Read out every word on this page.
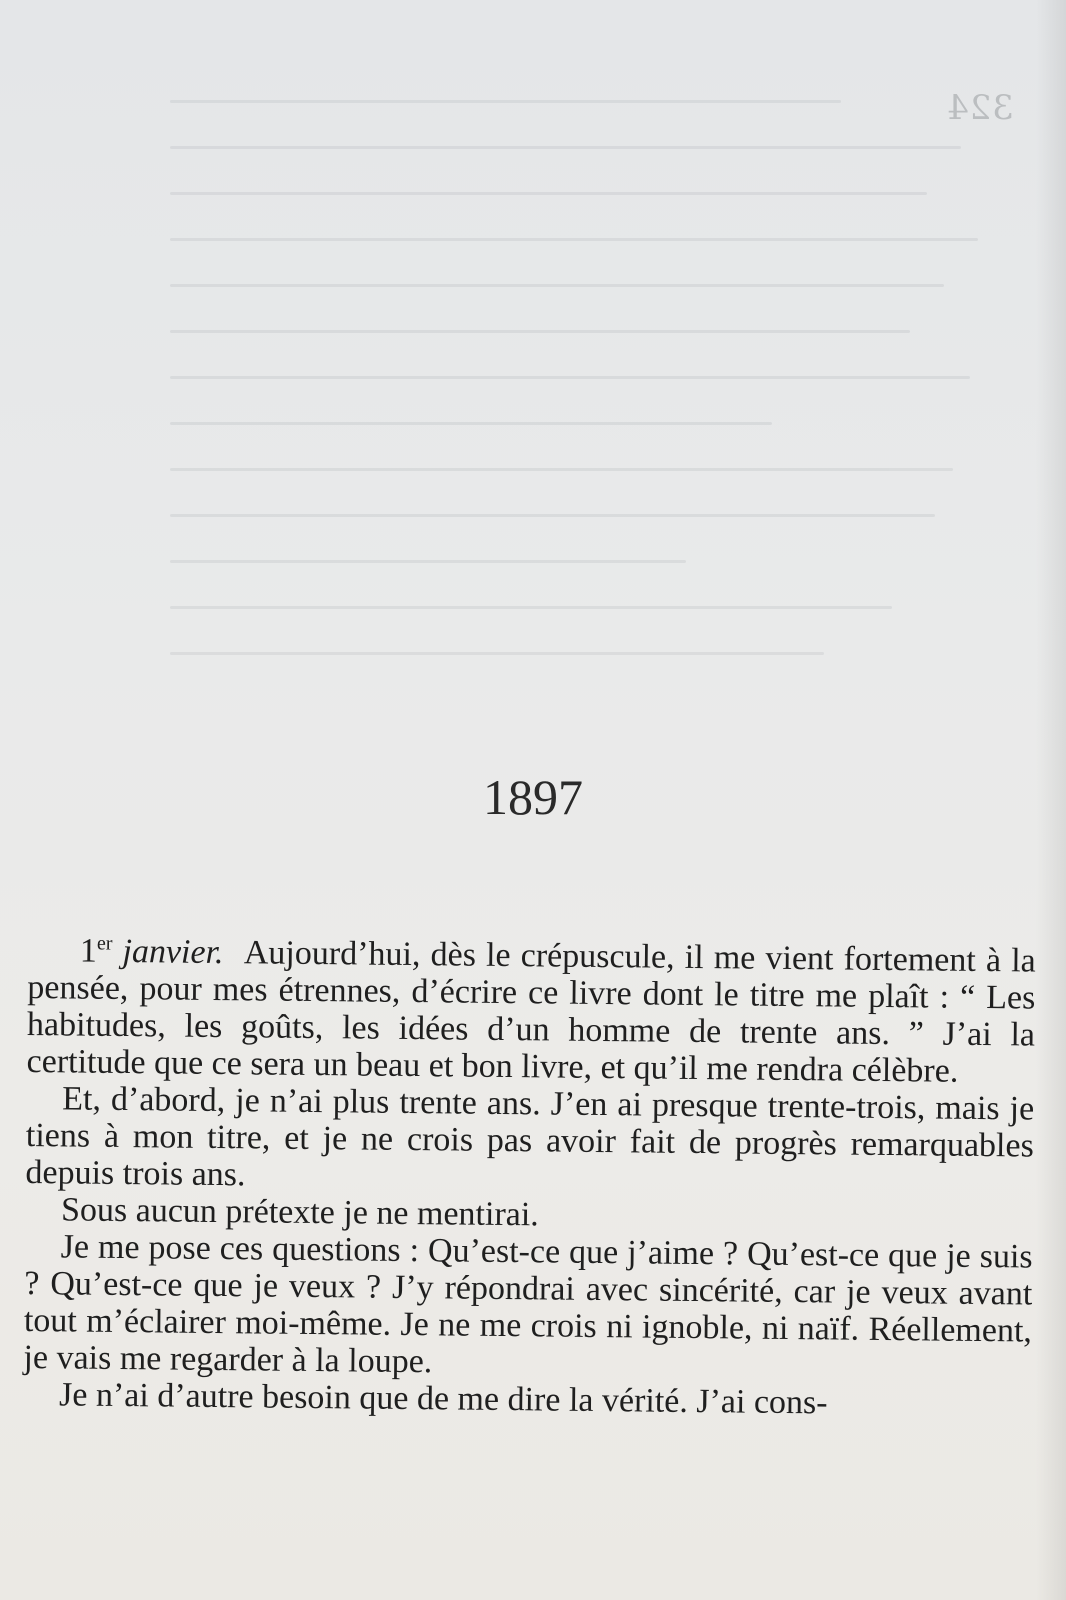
324
1897

1er janvier. Aujourd’hui, dès le crépuscule, il me vient fortement à la pensée, pour mes étrennes, d’écrire ce livre dont le titre me plaît : “ Les habitudes, les goûts, les idées d’un homme de trente ans. ” J’ai la certitude que ce sera un beau et bon livre, et qu’il me rendra célèbre.

Et, d’abord, je n’ai plus trente ans. J’en ai presque trente-trois, mais je tiens à mon titre, et je ne crois pas avoir fait de progrès remarquables depuis trois ans.

Sous aucun prétexte je ne mentirai.

Je me pose ces questions : Qu’est-ce que j’aime ? Qu’est-ce que je suis ? Qu’est-ce que je veux ? J’y répondrai avec sincérité, car je veux avant tout m’éclairer moi-même. Je ne me crois ni ignoble, ni naïf. Réellement, je vais me regarder à la loupe.

Je n’ai d’autre besoin que de me dire la vérité. J’ai cons-
